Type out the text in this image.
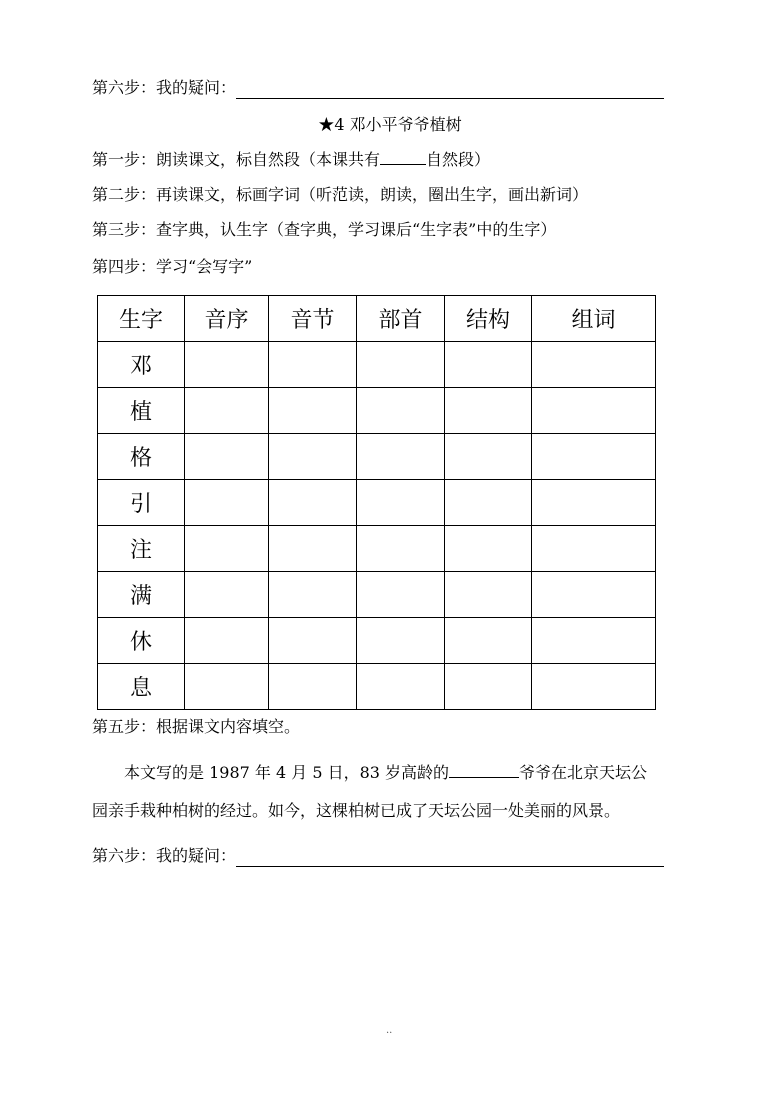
第六步：我的疑问：
★4 邓小平爷爷植树
第一步：朗读课文，标自然段（本课共有	自然段）
第二步：再读课文，标画字词（听范读，朗读，圈出生字，画出新词）
第三步：查字典，认生字（查字典，学习课后“生字表”中的生字）
第四步：学习“会写字”
生字	音序	音节	部首	结构	组词
邓					
植					
格					
引					
注					
满					
休					
息					
第五步：根据课文内容填空。
本文写的是 1987 年 4 月 5 日，83 岁高龄的	爷爷在北京天坛公
园亲手栽种柏树的经过。如今，这棵柏树已成了天坛公园一处美丽的风景。
第六步：我的疑问：
..
